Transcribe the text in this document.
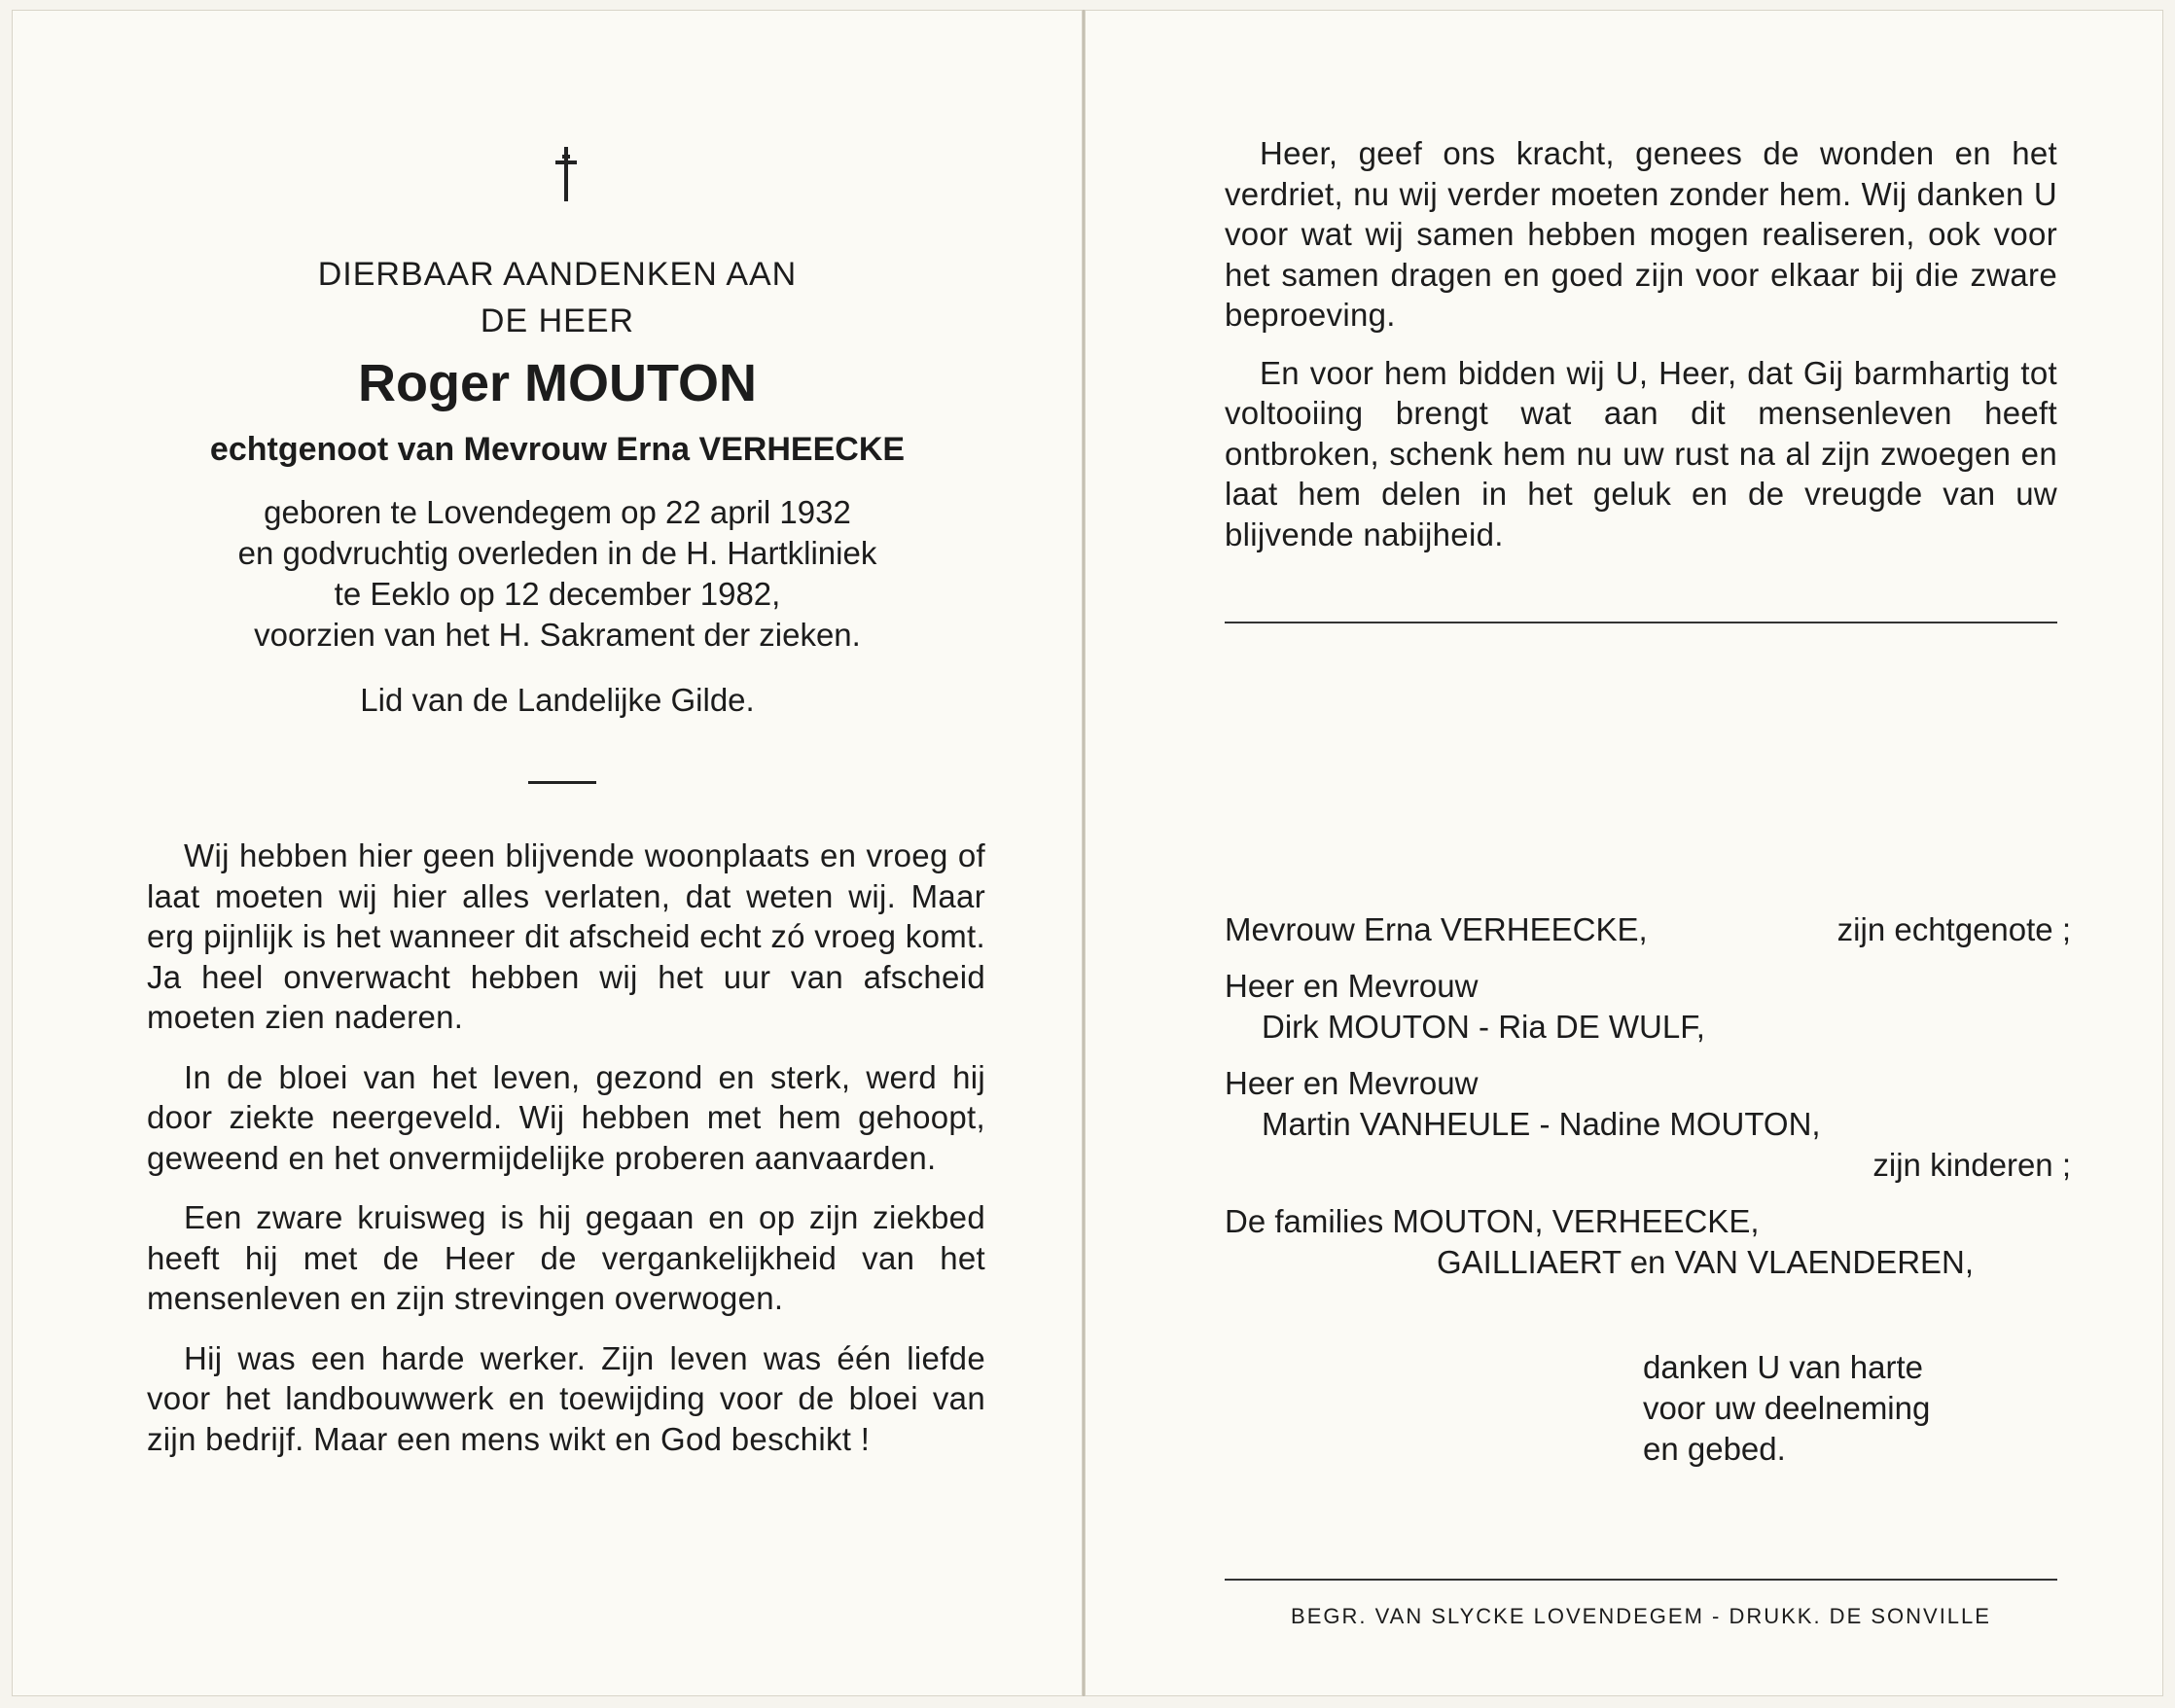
DIERBAAR AANDENKEN AAN
DE HEER
Roger MOUTON
echtgenoot van Mevrouw Erna VERHEECKE
geboren te Lovendegem op 22 april 1932
en godvruchtig overleden in de H. Hartkliniek
te Eeklo op 12 december 1982,
voorzien van het H. Sakrament der zieken.
Lid van de Landelijke Gilde.

Wij hebben hier geen blijvende woonplaats en vroeg of laat moeten wij hier alles verlaten, dat weten wij. Maar erg pijnlijk is het wanneer dit afscheid echt zó vroeg komt. Ja heel onverwacht hebben wij het uur van afscheid moeten zien naderen.

In de bloei van het leven, gezond en sterk, werd hij door ziekte neergeveld. Wij hebben met hem gehoopt, geweend en het onvermijdelijke proberen aanvaarden.

Een zware kruisweg is hij gegaan en op zijn ziekbed heeft hij met de Heer de vergankelijkheid van het mensenleven en zijn strevingen overwogen.

Hij was een harde werker. Zijn leven was één liefde voor het landbouwwerk en toewijding voor de bloei van zijn bedrijf. Maar een mens wikt en God beschikt !

Heer, geef ons kracht, genees de wonden en het verdriet, nu wij verder moeten zonder hem. Wij danken U voor wat wij samen hebben mogen realiseren, ook voor het samen dragen en goed zijn voor elkaar bij die zware beproeving.

En voor hem bidden wij U, Heer, dat Gij barmhartig tot voltooiing brengt wat aan dit mensenleven heeft ontbroken, schenk hem nu uw rust na al zijn zwoegen en laat hem delen in het geluk en de vreugde van uw blijvende nabijheid.

Mevrouw Erna VERHEECKE,	zijn echtgenote ;
Heer en Mevrouw
Dirk MOUTON - Ria DE WULF,
Heer en Mevrouw
Martin VANHEULE - Nadine MOUTON,
zijn kinderen ;
De families MOUTON, VERHEECKE,
GAILLIAERT en VAN VLAENDEREN,
danken U van harte
voor uw deelneming
en gebed.
BEGR. VAN SLYCKE LOVENDEGEM - DRUKK. DE SONVILLE
